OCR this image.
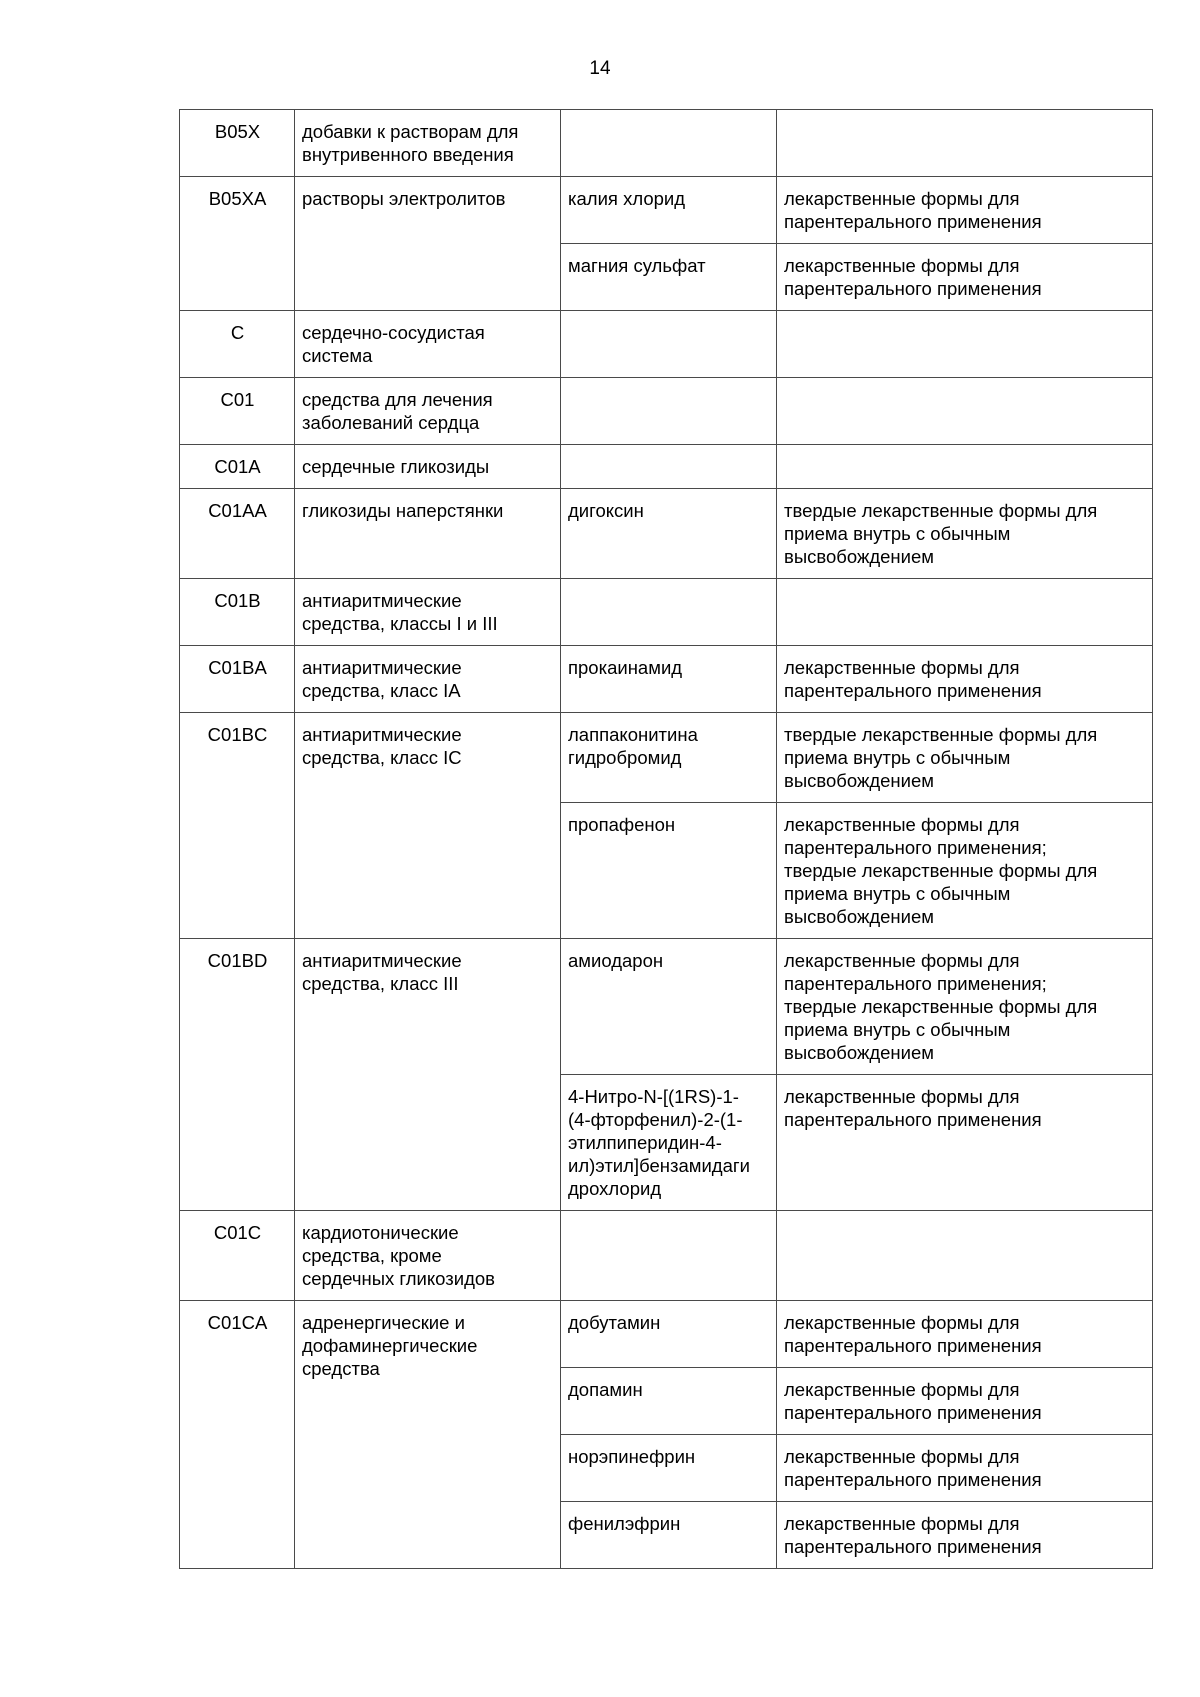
14
B05X	добавки к растворам для
внутривенного введения		
B05XA	растворы электролитов	калия хлорид	лекарственные формы для
парентерального применения
		магния сульфат	лекарственные формы для
парентерального применения
C	сердечно-сосудистая
система		
C01	средства для лечения
заболеваний сердца		
C01A	сердечные гликозиды		
C01AA	гликозиды наперстянки	дигоксин	твердые лекарственные формы для
приема внутрь с обычным
высвобождением
C01B	антиаритмические
средства, классы I и III		
C01BA	антиаритмические
средства, класс IA	прокаинамид	лекарственные формы для
парентерального применения
C01BC	антиаритмические
средства, класс IC	лаппаконитина
гидробромид	твердые лекарственные формы для
приема внутрь с обычным
высвобождением
		пропафенон	лекарственные формы для
парентерального применения;
твердые лекарственные формы для
приема внутрь с обычным
высвобождением
C01BD	антиаритмические
средства, класс III	амиодарон	лекарственные формы для
парентерального применения;
твердые лекарственные формы для
приема внутрь с обычным
высвобождением
		4-Нитро-N-[(1RS)-1-
(4-фторфенил)-2-(1-
этилпиперидин-4-
ил)этил]бензамидаги
дрохлорид	лекарственные формы для
парентерального применения
C01C	кардиотонические
средства, кроме
сердечных гликозидов		
C01CA	адренергические и
дофаминергические
средства	добутамин	лекарственные формы для
парентерального применения
		допамин	лекарственные формы для
парентерального применения
		норэпинефрин	лекарственные формы для
парентерального применения
		фенилэфрин	лекарственные формы для
парентерального применения
